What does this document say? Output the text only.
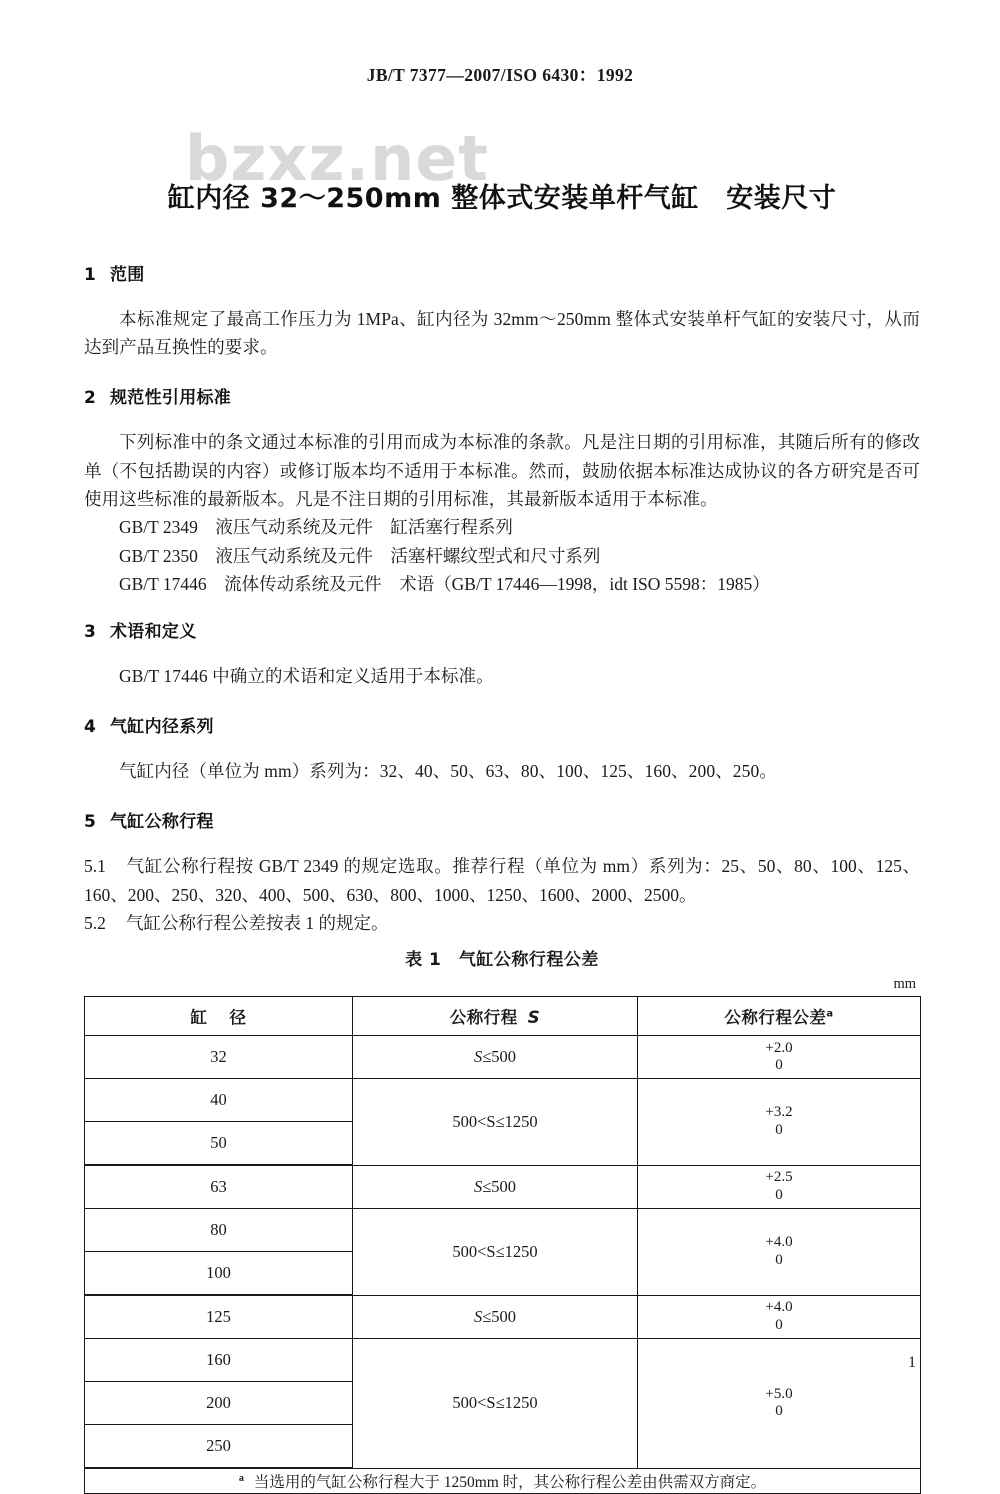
bzxz.net
JB/T 7377—2007/ISO 6430：1992
缸内径 32～250mm 整体式安装单杆气缸　安装尺寸
1 范围

本标准规定了最高工作压力为 1MPa、缸内径为 32mm～250mm 整体式安装单杆气缸的安装尺寸，从而达到产品互换性的要求。

2 规范性引用标准

下列标准中的条文通过本标准的引用而成为本标准的条款。凡是注日期的引用标准，其随后所有的修改单（不包括勘误的内容）或修订版本均不适用于本标准。然而，鼓励依据本标准达成协议的各方研究是否可使用这些标准的最新版本。凡是不注日期的引用标准，其最新版本适用于本标准。

GB/T 2349　液压气动系统及元件　缸活塞行程系列
GB/T 2350　液压气动系统及元件　活塞杆螺纹型式和尺寸系列
GB/T 17446　流体传动系统及元件　术语（GB/T 17446—1998，idt ISO 5598：1985）
3 术语和定义

GB/T 17446 中确立的术语和定义适用于本标准。

4 气缸内径系列

气缸内径（单位为 mm）系列为：32、40、50、63、80、100、125、160、200、250。

5 气缸公称行程

5.1 气缸公称行程按 GB/T 2349 的规定选取。推荐行程（单位为 mm）系列为：25、50、80、100、125、160、200、250、320、400、500、630、800、1000、1250、1600、2000、2500。

5.2 气缸公称行程公差按表 1 的规定。

表 1　气缸公称行程公差
mm
缸 径	公称行程 S	公称行程公差$^a$
32	S≤500	+2.0
0

40	500<S≤1250	+3.2
0

50		
63	S≤500	+2.5
0

80	500<S≤1250	+4.0
0

100		
125	S≤500	+4.0
0

160	500<S≤1250	+5.0
0

200		
250		
$^a$ 当选用的气缸公称行程大于 1250mm 时，其公称行程公差由供需双方商定。		
1
